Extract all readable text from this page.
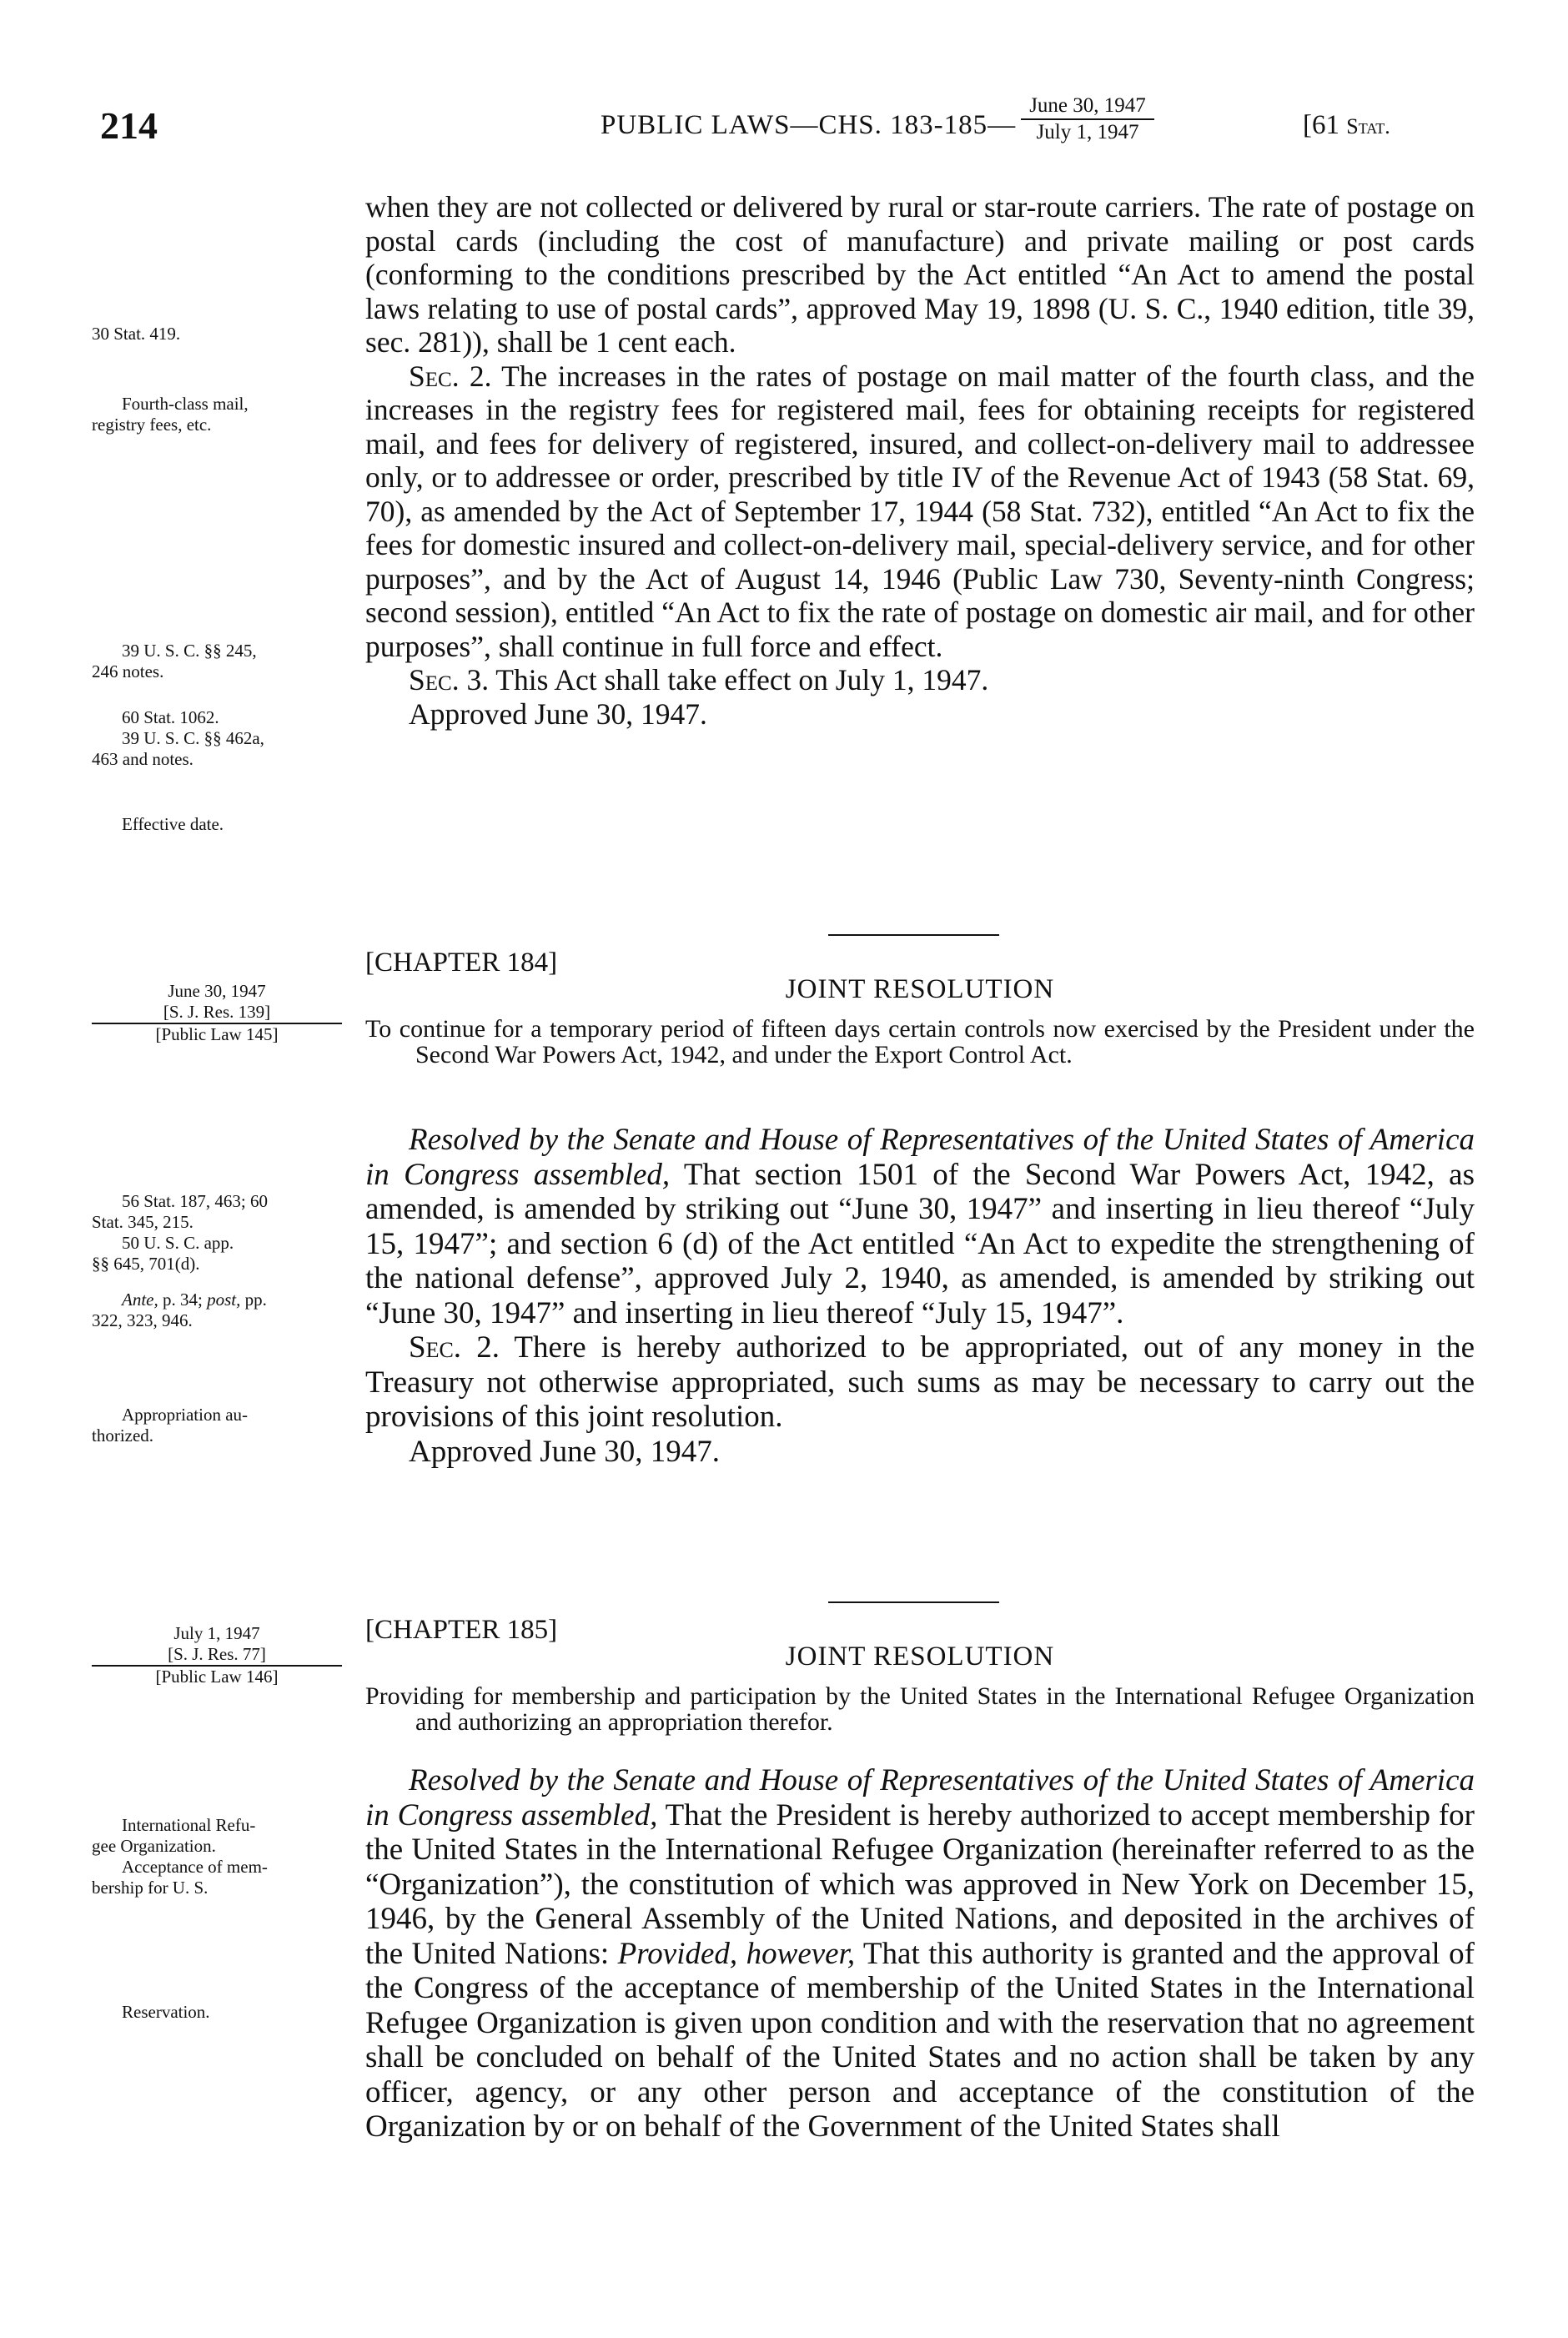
214	PUBLIC LAWS—CHS. 183-185—
June 30, 1947
July 1, 1947	[61 Stat.
30 Stat. 419.
Fourth-class mail,
registry fees, etc.
39 U. S. C. §§ 245,
246 notes.
60 Stat. 1062.
39 U. S. C. §§ 462a,
463 and notes.
Effective date.
June 30, 1947
[S. J. Res. 139]
[Public Law 145]
56 Stat. 187, 463; 60
Stat. 345, 215.
50 U. S. C. app.
§§ 645, 701(d).
Ante, p. 34; post, pp.
322, 323, 946.
Appropriation au-
thorized.
July 1, 1947
[S. J. Res. 77]
[Public Law 146]
International Refu-
gee Organization.
Acceptance of mem-
bership for U. S.
Reservation.

when they are not collected or delivered by rural or star-route carriers. The rate of postage on postal cards (including the cost of manufacture) and private mailing or post cards (conforming to the conditions prescribed by the Act entitled “An Act to amend the postal laws relating to use of postal cards”, approved May 19, 1898 (U. S. C., 1940 edition, title 39, sec. 281)), shall be 1 cent each.

Sec. 2. The increases in the rates of postage on mail matter of the fourth class, and the increases in the registry fees for registered mail, fees for obtaining receipts for registered mail, and fees for delivery of registered, insured, and collect-on-delivery mail to addressee only, or to addressee or order, prescribed by title IV of the Revenue Act of 1943 (58 Stat. 69, 70), as amended by the Act of September 17, 1944 (58 Stat. 732), entitled “An Act to fix the fees for domestic insured and collect-on-delivery mail, special-delivery service, and for other purposes”, and by the Act of August 14, 1946 (Public Law 730, Seventy-ninth Congress; second session), entitled “An Act to fix the rate of postage on domestic air mail, and for other purposes”, shall continue in full force and effect.

Sec. 3. This Act shall take effect on July 1, 1947.

Approved June 30, 1947.

[CHAPTER 184]
JOINT RESOLUTION
To continue for a temporary period of fifteen days certain controls now exercised by the President under the Second War Powers Act, 1942, and under the Export Control Act.

Resolved by the Senate and House of Representatives of the United States of America in Congress assembled, That section 1501 of the Second War Powers Act, 1942, as amended, is amended by striking out “June 30, 1947” and inserting in lieu thereof “July 15, 1947”; and section 6 (d) of the Act entitled “An Act to expedite the strengthening of the national defense”, approved July 2, 1940, as amended, is amended by striking out “June 30, 1947” and inserting in lieu thereof “July 15, 1947”.

Sec. 2. There is hereby authorized to be appropriated, out of any money in the Treasury not otherwise appropriated, such sums as may be necessary to carry out the provisions of this joint resolution.

Approved June 30, 1947.

[CHAPTER 185]
JOINT RESOLUTION
Providing for membership and participation by the United States in the International Refugee Organization and authorizing an appropriation therefor.

Resolved by the Senate and House of Representatives of the United States of America in Congress assembled, That the President is hereby authorized to accept membership for the United States in the International Refugee Organization (hereinafter referred to as the “Organization”), the constitution of which was approved in New York on December 15, 1946, by the General Assembly of the United Nations, and deposited in the archives of the United Nations: Provided, however, That this authority is granted and the approval of the Congress of the acceptance of membership of the United States in the International Refugee Organization is given upon condition and with the reservation that no agreement shall be concluded on behalf of the United States and no action shall be taken by any officer, agency, or any other person and acceptance of the constitution of the Organization by or on behalf of the Government of the United States shall
